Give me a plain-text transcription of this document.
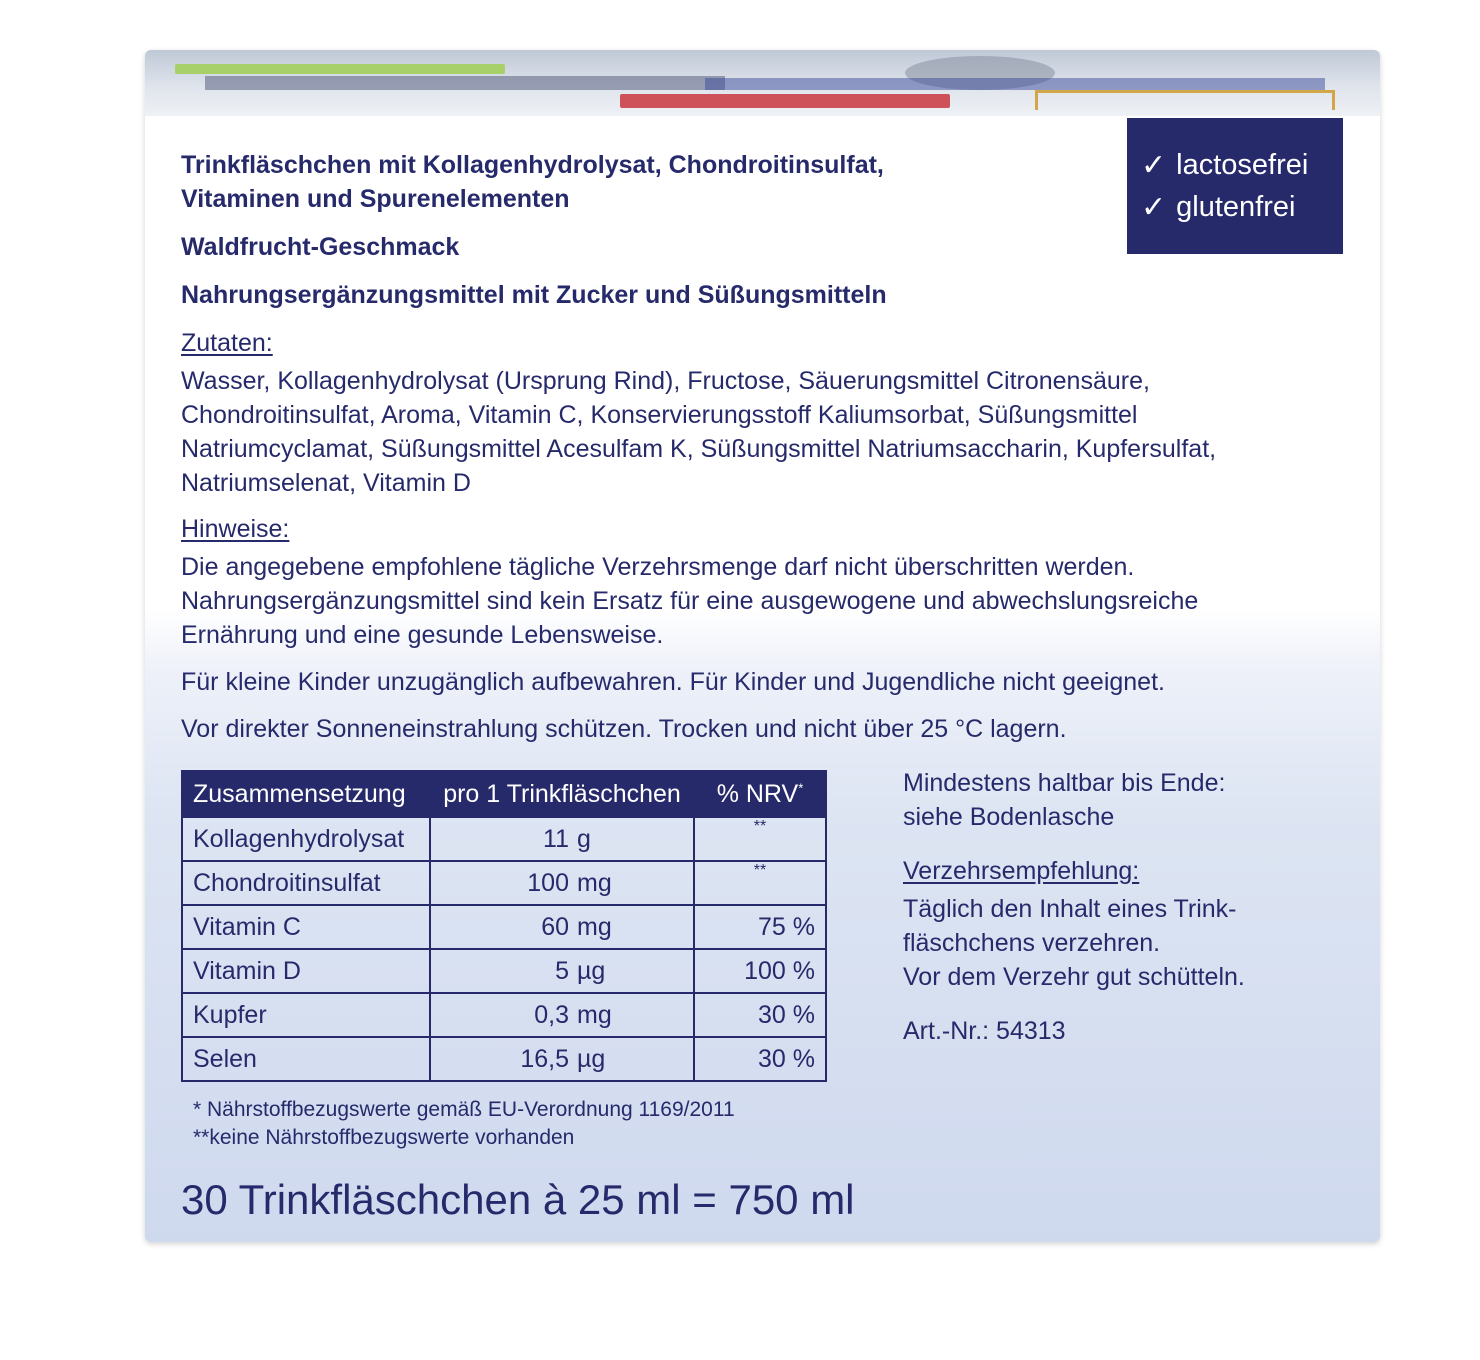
Trinkfläschchen mit Kollagenhydrolysat, Chondroitinsulfat,
Vitaminen und Spurenelementen
Waldfrucht-Geschmack
Nahrungsergänzungsmittel mit Zucker und Süßungsmitteln
✓ lactosefrei
✓ glutenfrei
Zutaten:
Wasser, Kollagenhydrolysat (Ursprung Rind), Fructose, Säuerungsmittel Citronensäure,
Chondroitinsulfat, Aroma, Vitamin C, Konservierungsstoff Kaliumsorbat, Süßungsmittel
Natriumcyclamat, Süßungsmittel Acesulfam K, Süßungsmittel Natriumsaccharin, Kupfersulfat,
Natriumselenat, Vitamin D
Hinweise:
Die angegebene empfohlene tägliche Verzehrsmenge darf nicht überschritten werden.
Nahrungsergänzungsmittel sind kein Ersatz für eine ausgewogene und abwechslungsreiche
Ernährung und eine gesunde Lebensweise.
Für kleine Kinder unzugänglich aufbewahren. Für Kinder und Jugendliche nicht geeignet.
Vor direkter Sonneneinstrahlung schützen. Trocken und nicht über 25 °C lagern.
Zusammensetzung	pro 1 Trinkfläschchen	% NRV*
Kollagenhydrolysat	11 g	**
Chondroitinsulfat	100 mg	**
Vitamin C	60 mg	75 %
Vitamin D	5 µg	100 %
Kupfer	0,3 mg	30 %
Selen	16,5 µg	30 %
* Nährstoffbezugswerte gemäß EU-Verordnung 1169/2011
**keine Nährstoffbezugswerte vorhanden
30 Trinkfläschchen à 25 ml = 750 ml
Mindestens haltbar bis Ende:
siehe Bodenlasche
Verzehrsempfehlung:
Täglich den Inhalt eines Trink-
fläschchens verzehren.
Vor dem Verzehr gut schütteln.
Art.-Nr.: 54313
